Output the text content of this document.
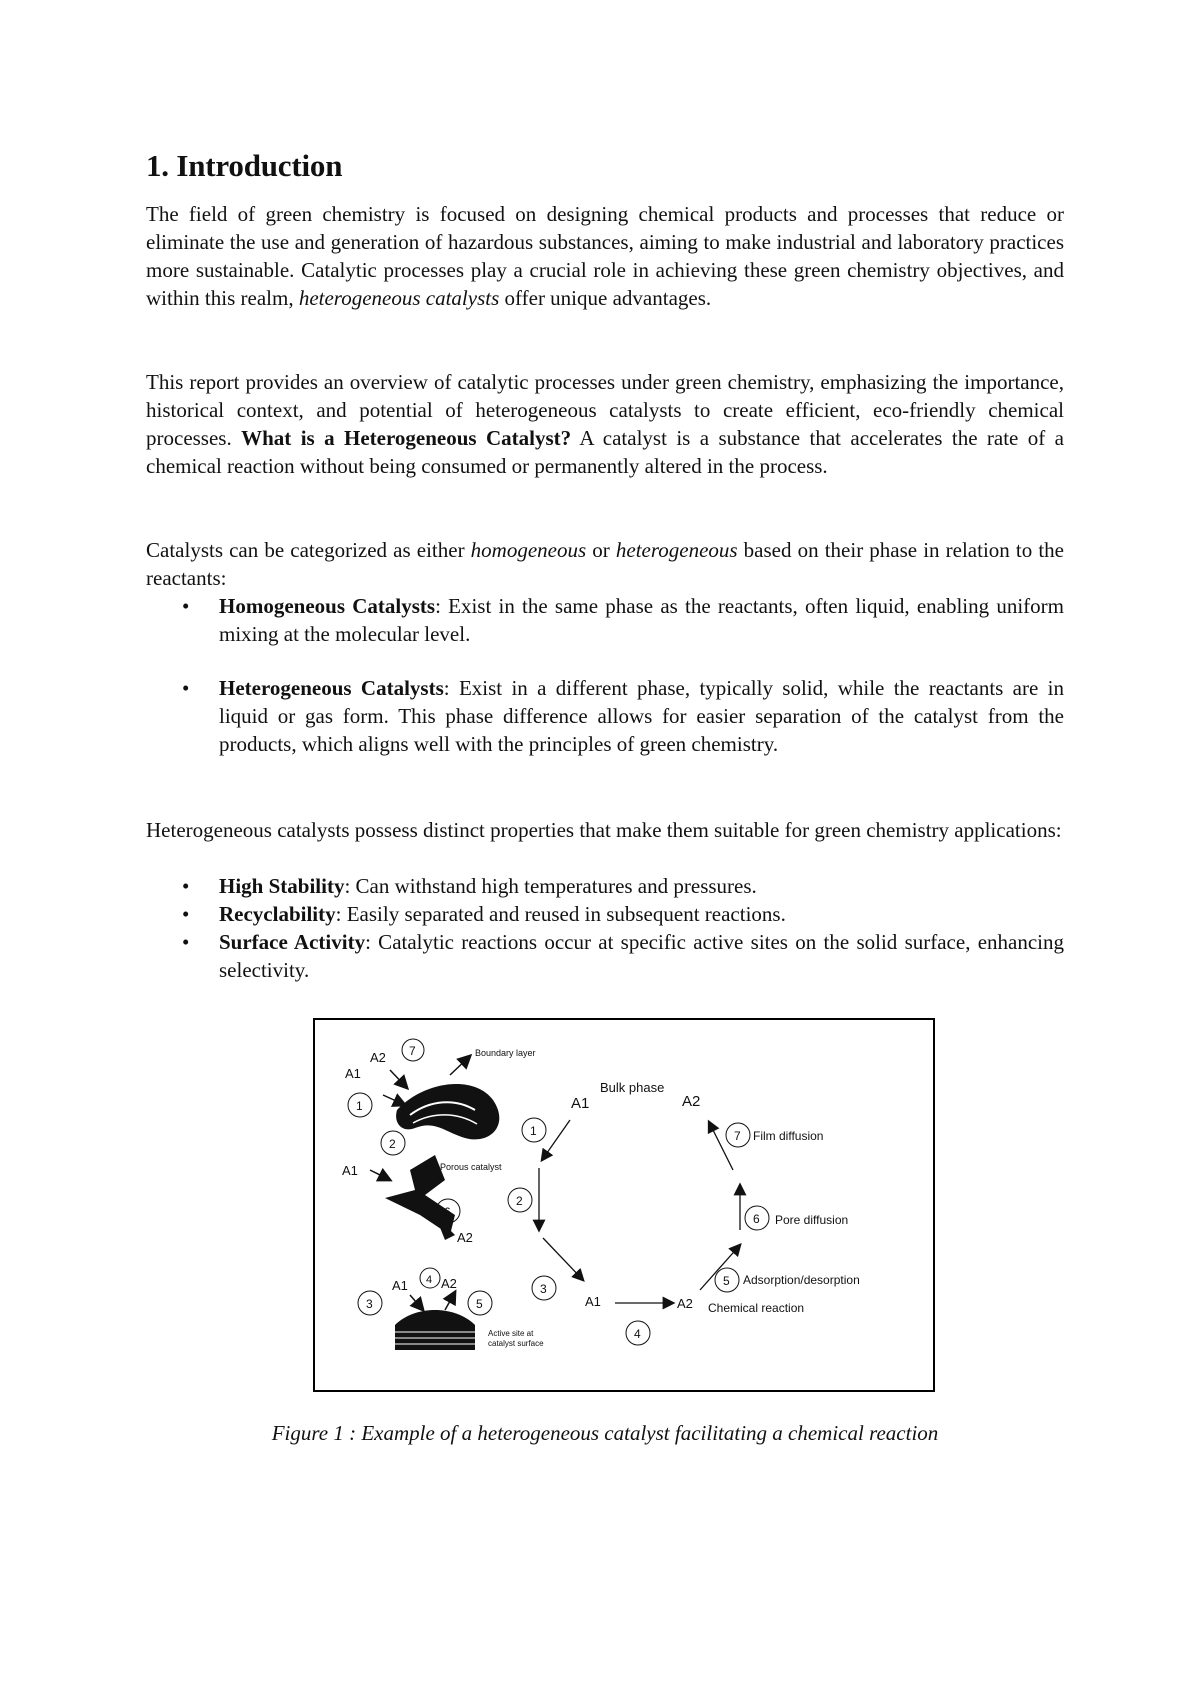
1. Introduction

The field of green chemistry is focused on designing chemical products and processes that reduce or eliminate the use and generation of hazardous substances, aiming to make industrial and laboratory practices more sustainable. Catalytic processes play a crucial role in achieving these green chemistry objectives, and within this realm, heterogeneous catalysts offer unique advantages.

This report provides an overview of catalytic processes under green chemistry, emphasizing the importance, historical context, and potential of heterogeneous catalysts to create efficient, eco-friendly chemical processes. What is a Heterogeneous Catalyst? A catalyst is a substance that accelerates the rate of a chemical reaction without being consumed or permanently altered in the process.

Catalysts can be categorized as either homogeneous or heterogeneous based on their phase in relation to the reactants:

• Homogeneous Catalysts: Exist in the same phase as the reactants, often liquid, enabling uniform mixing at the molecular level.
• Heterogeneous Catalysts: Exist in a different phase, typically solid, while the reactants are in liquid or gas form. This phase difference allows for easier separation of the catalyst from the products, which aligns well with the principles of green chemistry.

Heterogeneous catalysts possess distinct properties that make them suitable for green chemistry applications:

• High Stability: Can withstand high temperatures and pressures.
• Recyclability: Easily separated and reused in subsequent reactions.
• Surface Activity: Catalytic reactions occur at specific active sites on the solid surface, enhancing selectivity.
Boundary layer
A2
A1
7
1
Porous catalyst
2
A1
6
A2
Active site at
catalyst surface
3
A1 4 A2
5
Bulk phase
A1	A2
1
2
3
A1
4
A2 Chemical reaction
5 Adsorption/desorption
6 Pore diffusion
7 Film diffusion
Figure 1 : Example of a heterogeneous catalyst facilitating a chemical reaction
